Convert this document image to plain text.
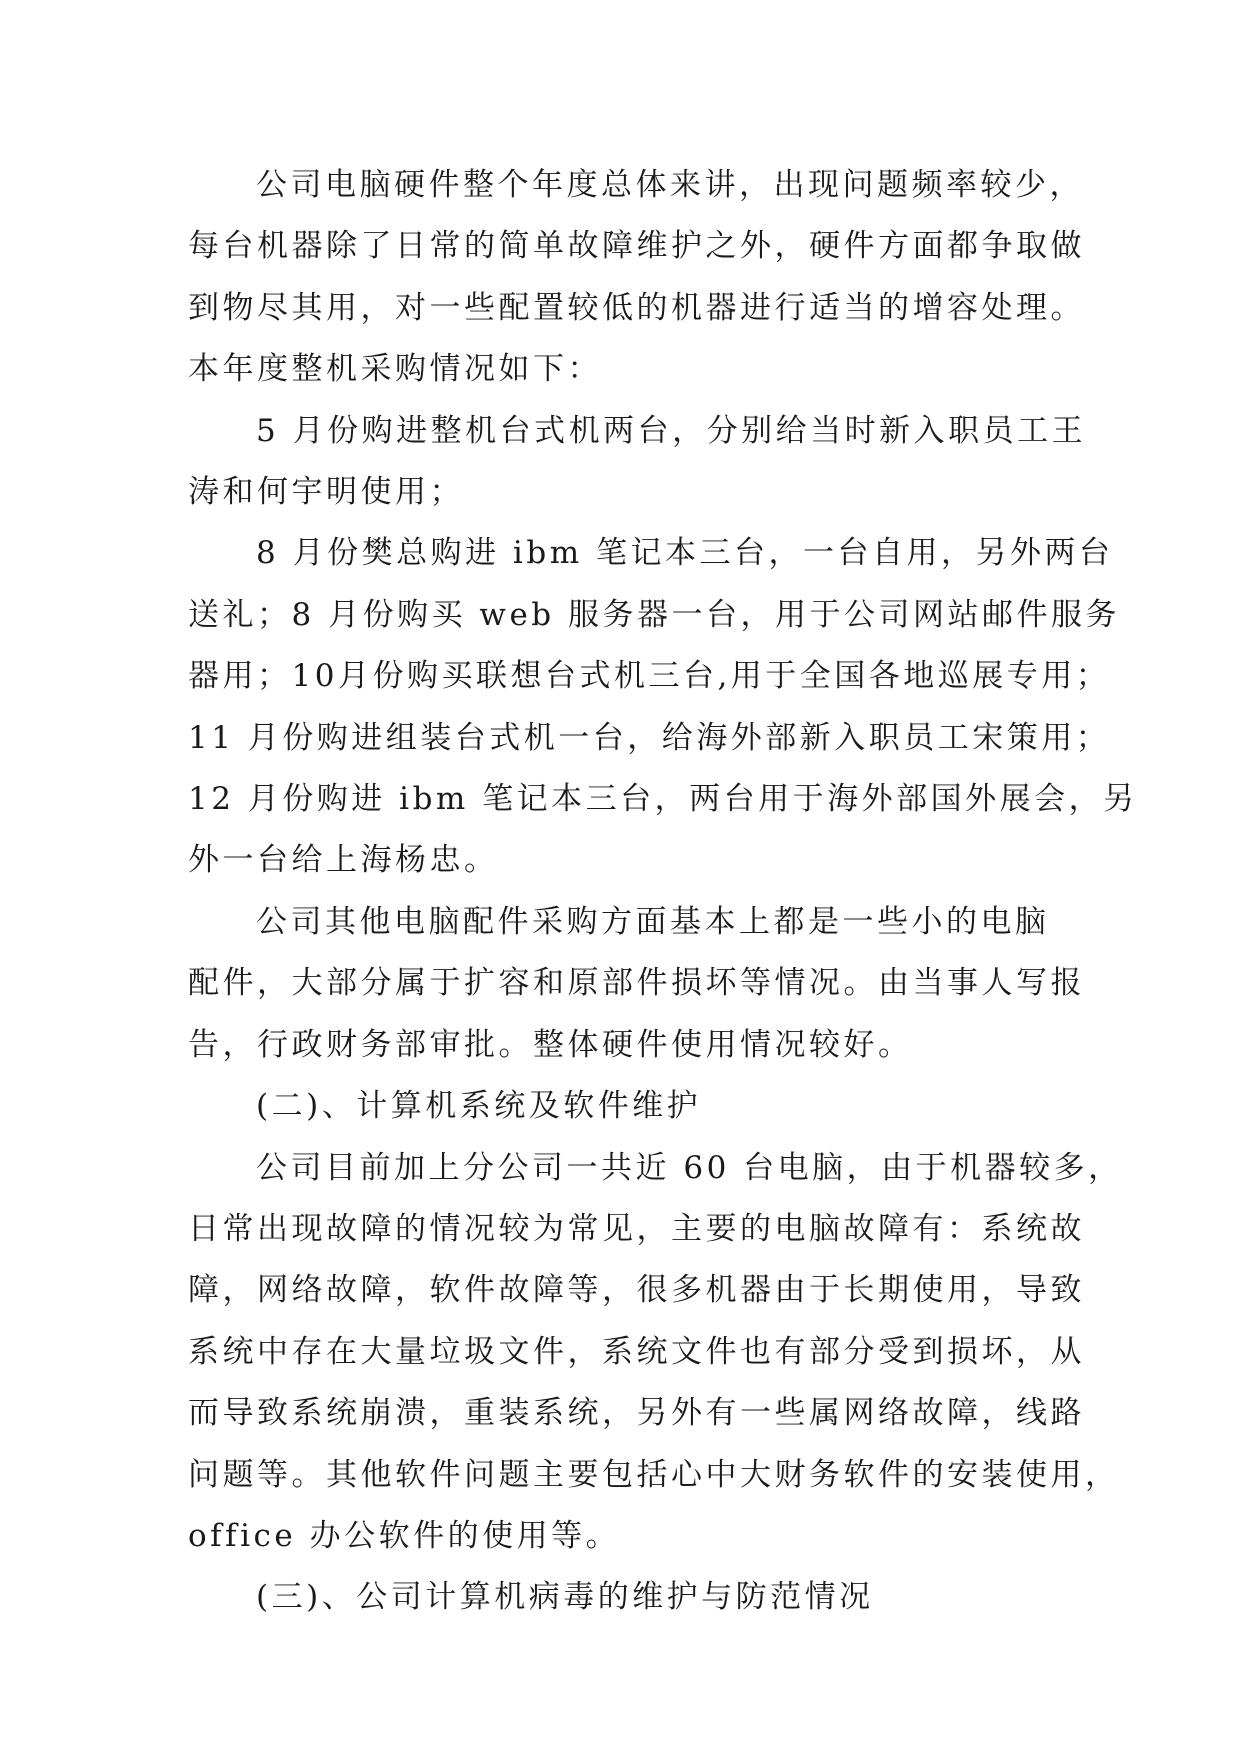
公司电脑硬件整个年度总体来讲，出现问题频率较少，
每台机器除了日常的简单故障维护之外，硬件方面都争取做
到物尽其用，对一些配置较低的机器进行适当的增容处理。
本年度整机采购情况如下：
5 月份购进整机台式机两台，分别给当时新入职员工王
涛和何宇明使用；
8 月份樊总购进 ibm 笔记本三台，一台自用，另外两台
送礼；8 月份购买 web 服务器一台，用于公司网站邮件服务
器用；10月份购买联想台式机三台,用于全国各地巡展专用；
11 月份购进组装台式机一台，给海外部新入职员工宋策用；
12 月份购进 ibm 笔记本三台，两台用于海外部国外展会，另
外一台给上海杨忠。
公司其他电脑配件采购方面基本上都是一些小的电脑
配件，大部分属于扩容和原部件损坏等情况。由当事人写报
告，行政财务部审批。整体硬件使用情况较好。
(二)、计算机系统及软件维护
公司目前加上分公司一共近 60 台电脑，由于机器较多，
日常出现故障的情况较为常见，主要的电脑故障有：系统故
障，网络故障，软件故障等，很多机器由于长期使用，导致
系统中存在大量垃圾文件，系统文件也有部分受到损坏，从
而导致系统崩溃，重装系统，另外有一些属网络故障，线路
问题等。其他软件问题主要包括心中大财务软件的安装使用，
office 办公软件的使用等。
(三)、公司计算机病毒的维护与防范情况
